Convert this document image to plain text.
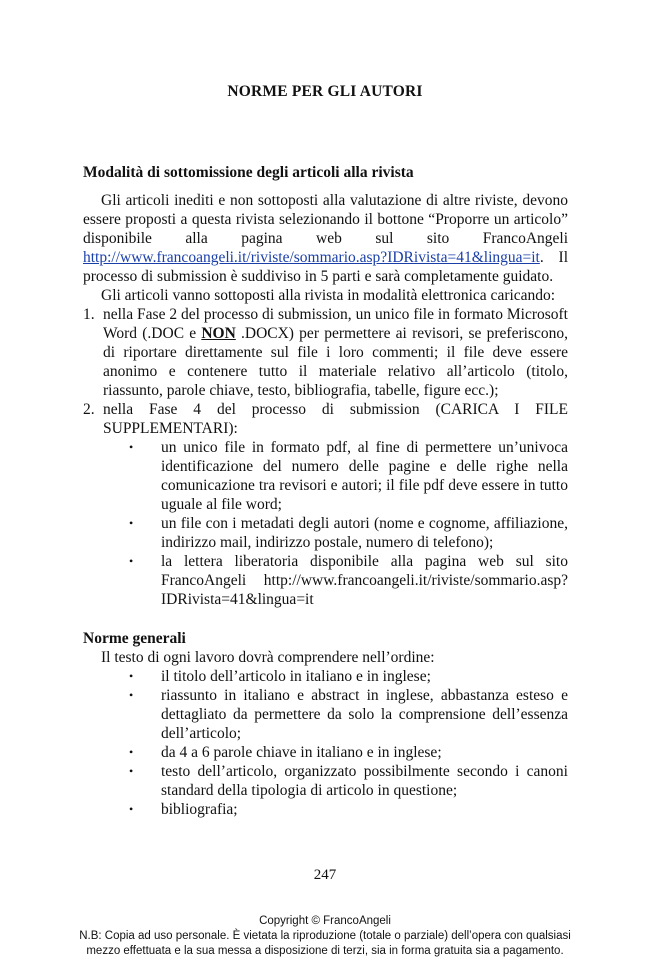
NORME PER GLI AUTORI
Modalità di sottomissione degli articoli alla rivista

Gli articoli inediti e non sottoposti alla valutazione di altre riviste, devono essere proposti a questa rivista selezionando il bottone “Proporre un articolo” disponibile alla pagina web sul sito FrancoAngeli http://www.francoangeli.it/riviste/sommario.asp?IDRivista=41&lingua=it. Il processo di submission è suddiviso in 5 parti e sarà completamente guidato.

Gli articoli vanno sottoposti alla rivista in modalità elettronica caricando:

1. nella Fase 2 del processo di submission, un unico file in formato Microsoft Word (.DOC e NON .DOCX) per permettere ai revisori, se preferiscono, di riportare direttamente sul file i loro commenti; il file deve essere anonimo e contenere tutto il materiale relativo all’articolo (titolo, riassunto, parole chiave, testo, bibliografia, tabelle, figure ecc.);
2. nella Fase 4 del processo di submission (CARICA I FILE SUPPLEMENTARI):
•	un unico file in formato pdf, al fine di permettere un’univoca identificazione del numero delle pagine e delle righe nella comunicazione tra revisori e autori; il file pdf deve essere in tutto uguale al file word;
•	un file con i metadati degli autori (nome e cognome, affiliazione, indirizzo mail, indirizzo postale, numero di telefono);
•	la lettera liberatoria disponibile alla pagina web sul sito FrancoAngeli http://www.francoangeli.it/riviste/sommario.asp?IDRivista=41&lingua=it
Norme generali

Il testo di ogni lavoro dovrà comprendere nell’ordine:

•	il titolo dell’articolo in italiano e in inglese;
•	riassunto in italiano e abstract in inglese, abbastanza esteso e dettagliato da permettere da solo la comprensione dell’essenza dell’articolo;
•	da 4 a 6 parole chiave in italiano e in inglese;
•	testo dell’articolo, organizzato possibilmente secondo i canoni standard della tipologia di articolo in questione;
•	bibliografia;
247
Copyright © FrancoAngeli
N.B: Copia ad uso personale. È vietata la riproduzione (totale o parziale) dell’opera con qualsiasi
mezzo effettuata e la sua messa a disposizione di terzi, sia in forma gratuita sia a pagamento.
